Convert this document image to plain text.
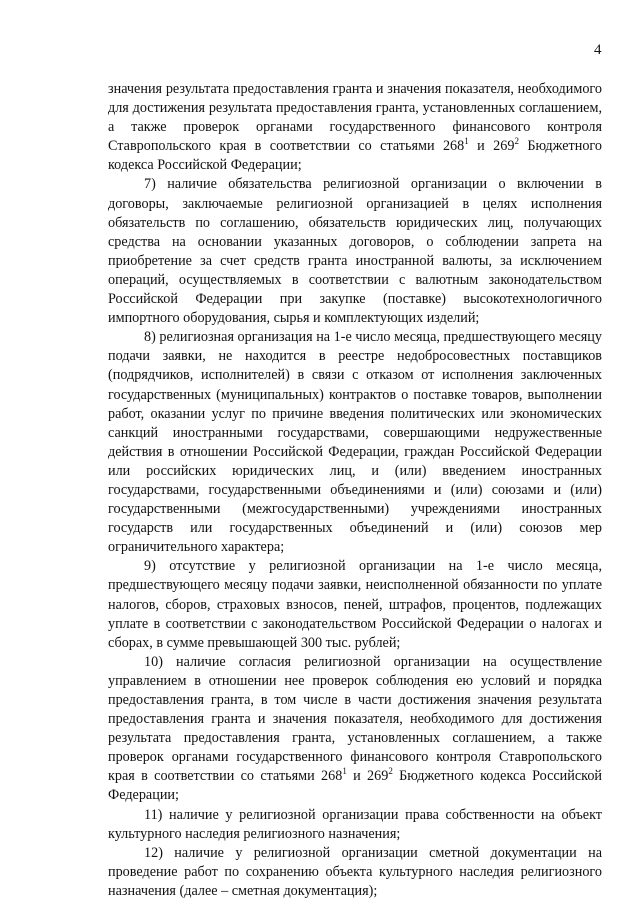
4

значения результата предоставления гранта и значения показателя, необходимого для достижения результата предоставления гранта, установленных соглашением, а также проверок органами государственного финансового контроля Ставропольского края в соответствии со статьями $268^1$ и $269^2$ Бюджетного кодекса Российской Федерации;

7) наличие обязательства религиозной организации о включении в договоры, заключаемые религиозной организацией в целях исполнения обязательств по соглашению, обязательств юридических лиц, получающих средства на основании указанных договоров, о соблюдении запрета на приобретение за счет средств гранта иностранной валюты, за исключением операций, осуществляемых в соответствии с валютным законодательством Российской Федерации при закупке (поставке) высокотехнологичного импортного оборудования, сырья и комплектующих изделий;

8) религиозная организация на 1-е число месяца, предшествующего месяцу подачи заявки, не находится в реестре недобросовестных поставщиков (подрядчиков, исполнителей) в связи с отказом от исполнения заключенных государственных (муниципальных) контрактов о поставке товаров, выполнении работ, оказании услуг по причине введения политических или экономических санкций иностранными государствами, совершающими недружественные действия в отношении Российской Федерации, граждан Российской Федерации или российских юридических лиц, и (или) введением иностранных государствами, государственными объединениями и (или) союзами и (или) государственными (межгосударственными) учреждениями иностранных государств или государственных объединений и (или) союзов мер ограничительного характера;

9) отсутствие у религиозной организации на 1-е число месяца, предшествующего месяцу подачи заявки, неисполненной обязанности по уплате налогов, сборов, страховых взносов, пеней, штрафов, процентов, подлежащих уплате в соответствии с законодательством Российской Федерации о налогах и сборах, в сумме превышающей 300 тыс. рублей;

10) наличие согласия религиозной организации на осуществление управлением в отношении нее проверок соблюдения ею условий и порядка предоставления гранта, в том числе в части достижения значения результата предоставления гранта и значения показателя, необходимого для достижения результата предоставления гранта, установленных соглашением, а также проверок органами государственного финансового контроля Ставропольского края в соответствии со статьями $268^1$ и $269^2$ Бюджетного кодекса Российской Федерации;

11) наличие у религиозной организации права собственности на объект культурного наследия религиозного назначения;

12) наличие у религиозной организации сметной документации на проведение работ по сохранению объекта культурного наследия религиозного назначения (далее – сметная документация);
